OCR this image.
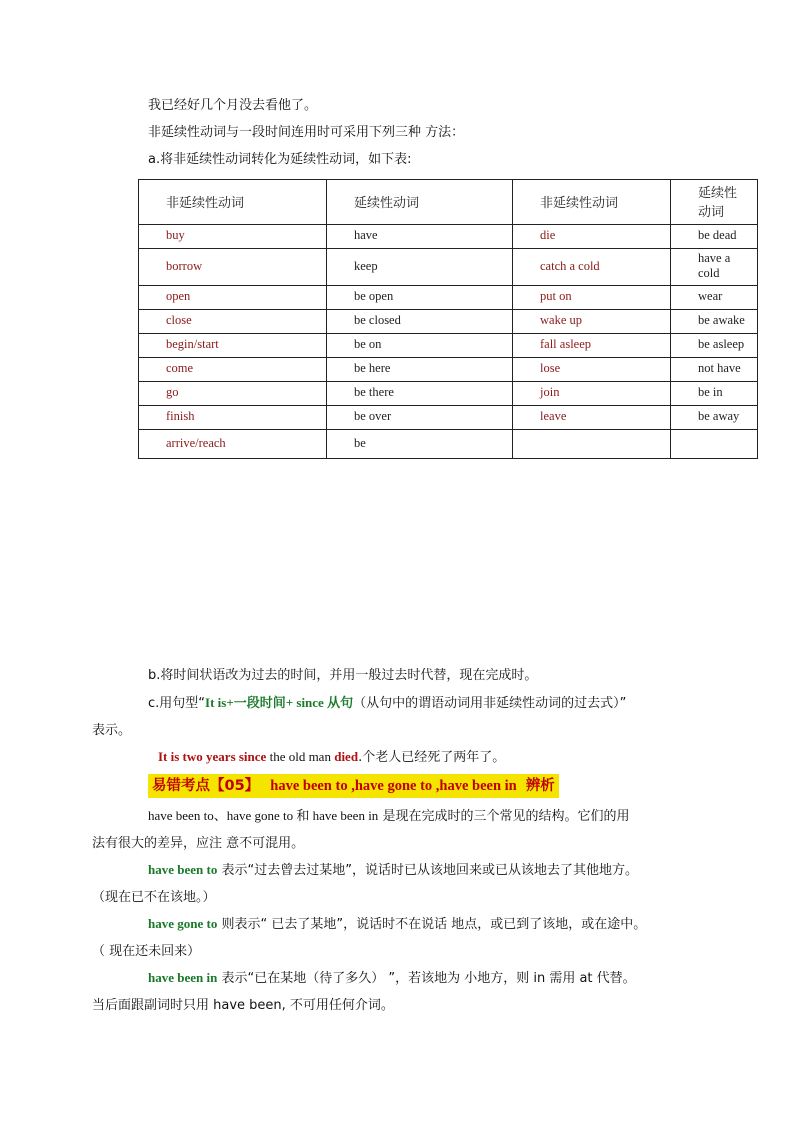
我已经好几个月没去看他了。
非延续性动词与一段时间连用时可采用下列三种 方法：
a.将非延续性动词转化为延续性动词，如下表:
非延续性动词	延续性动词	非延续性动词	延续性动词
buy	have	die	be dead
borrow	keep	catch a cold	have a cold
open	be open	put on	wear
close	be closed	wake up	be awake
begin/start	be on	fall asleep	be asleep
come	be here	lose	not have
go	be there	join	be in
finish	be over	leave	be away
arrive/reach	be		
b.将时间状语改为过去的时间，并用一般过去时代替，现在完成时。
c.用句型“It is+一段时间+ since 从句（从句中的谓语动词用非延续性动词的过去式）”
表示。
It is two years since the old man died.个老人已经死了两年了。
易错考点【05】 have been to ,have gone to ,have been in 辨析
have been to、have gone to 和 have been in 是现在完成时的三个常见的结构。它们的用
法有很大的差异，应注 意不可混用。
have been to 表示“过去曾去过某地”，说话时已从该地回来或已从该地去了其他地方。
（现在已不在该地。）
have gone to 则表示“ 已去了某地”，说话时不在说话 地点，或已到了该地，或在途中。
（ 现在还未回来）
have been in 表示“已在某地（待了多久） ”，若该地为 小地方，则 in 需用 at 代替。
当后面跟副词时只用 have been, 不可用任何介词。
